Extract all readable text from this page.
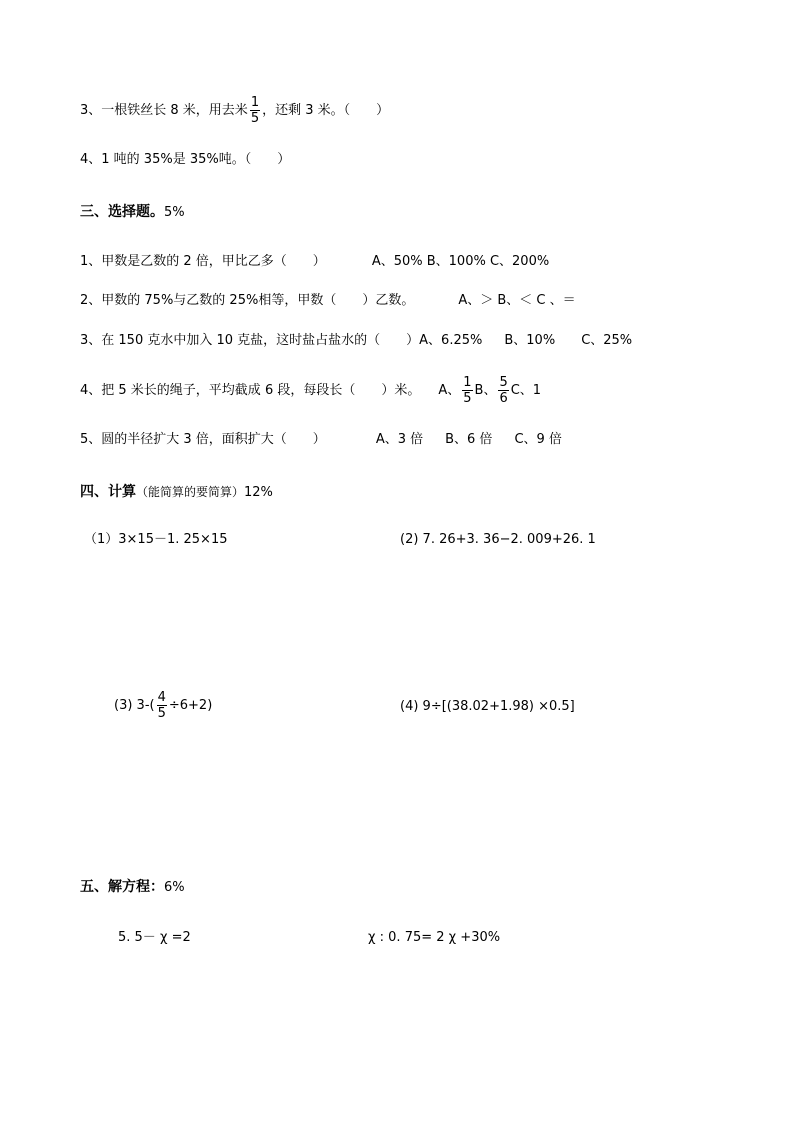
3、一根铁丝长 8 米，用去米 $\frac{1}{5}$ ，还剩 3 米。（　　）
4、1 吨的 35%是 35%吨。（　　）
三、选择题。5%
1、甲数是乙数的 2 倍，甲比乙多（　　）	A、50% B、100% C、200%
2、甲数的 75%与乙数的 25%相等，甲数（　　）乙数。	A、＞ B、＜ C 、＝
3、在 150 克水中加入 10 克盐，这时盐占盐水的（　　）A、6.25% B、10% C、25%
4、把 5 米长的绳子，平均截成 6 段，每段长（　　）米。 A、 $\frac{1}{5}$ B、 $\frac{5}{6}$ C、1
5、圆的半径扩大 3 倍，面积扩大（　　）	A、3 倍 B、6 倍 C、9 倍
四、计算（能简算的要简算）12%
（1）3×15－1. 25×15	(2) 7. 26+3. 36−2. 009+26. 1
(3) $3-( \frac{4}{5} \div 6+2)$	(4) 9÷[(38.02+1.98) ×0.5]
五、解方程：6%
5. 5－ χ =2	χ : 0. 75= 2 χ +30%
